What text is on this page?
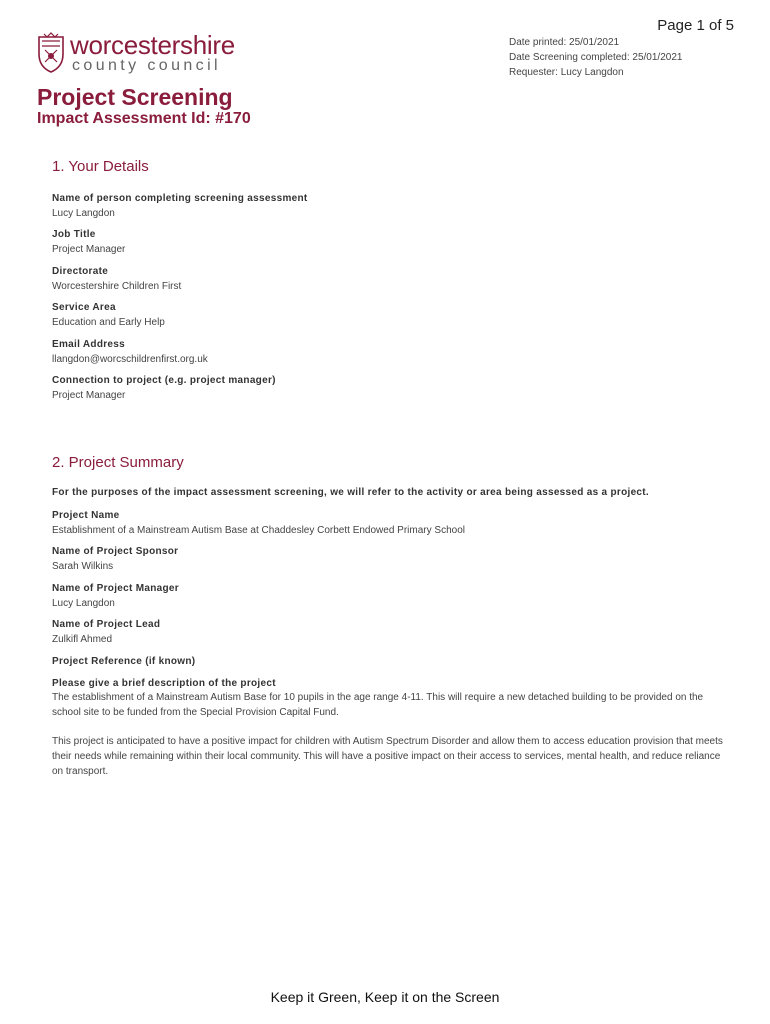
Page 1 of 5
worcestershire
county council
Date printed: 25/01/2021
Date Screening completed: 25/01/2021
Requester: Lucy Langdon
Project Screening
Impact Assessment Id: #170
1. Your Details
Name of person completing screening assessment
Lucy Langdon
Job Title
Project Manager
Directorate
Worcestershire Children First
Service Area
Education and Early Help
Email Address
llangdon@worcschildrenfirst.org.uk
Connection to project (e.g. project manager)
Project Manager
2. Project Summary
For the purposes of the impact assessment screening, we will refer to the activity or area being assessed as a project.
Project Name
Establishment of a Mainstream Autism Base at Chaddesley Corbett Endowed Primary School
Name of Project Sponsor
Sarah Wilkins
Name of Project Manager
Lucy Langdon
Name of Project Lead
Zulkifl Ahmed
Project Reference (if known)
Please give a brief description of the project

The establishment of a Mainstream Autism Base for 10 pupils in the age range 4-11. This will require a new detached building to be provided on the school site to be funded from the Special Provision Capital Fund.

This project is anticipated to have a positive impact for children with Autism Spectrum Disorder and allow them to access education provision that meets their needs while remaining within their local community. This will have a positive impact on their access to services, mental health, and reduce reliance on transport.

Keep it Green, Keep it on the Screen
